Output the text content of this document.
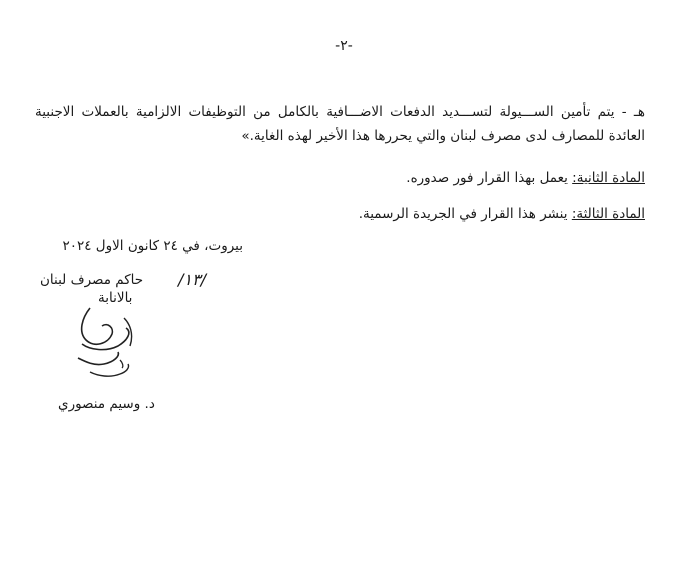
-٢-
هـ - يتم تأمين الســـيولة لتســـديد الدفعات الاضـــافية بالكامل من التوظيفات الالزامية بالعملات الاجنبية العائدة للمصارف لدى مصرف لبنان والتي يحررها هذا الأخير لهذه الغاية.»
المادة الثانية: يعمل بهذا القرار فور صدوره.
المادة الثالثة: ينشر هذا القرار في الجريدة الرسمية.
بيروت، في ٢٤ كانون الاول ٢٠٢٤
/١٣/
حاكم مصرف لبنان
بالانابة
د. وسيم منصوري
